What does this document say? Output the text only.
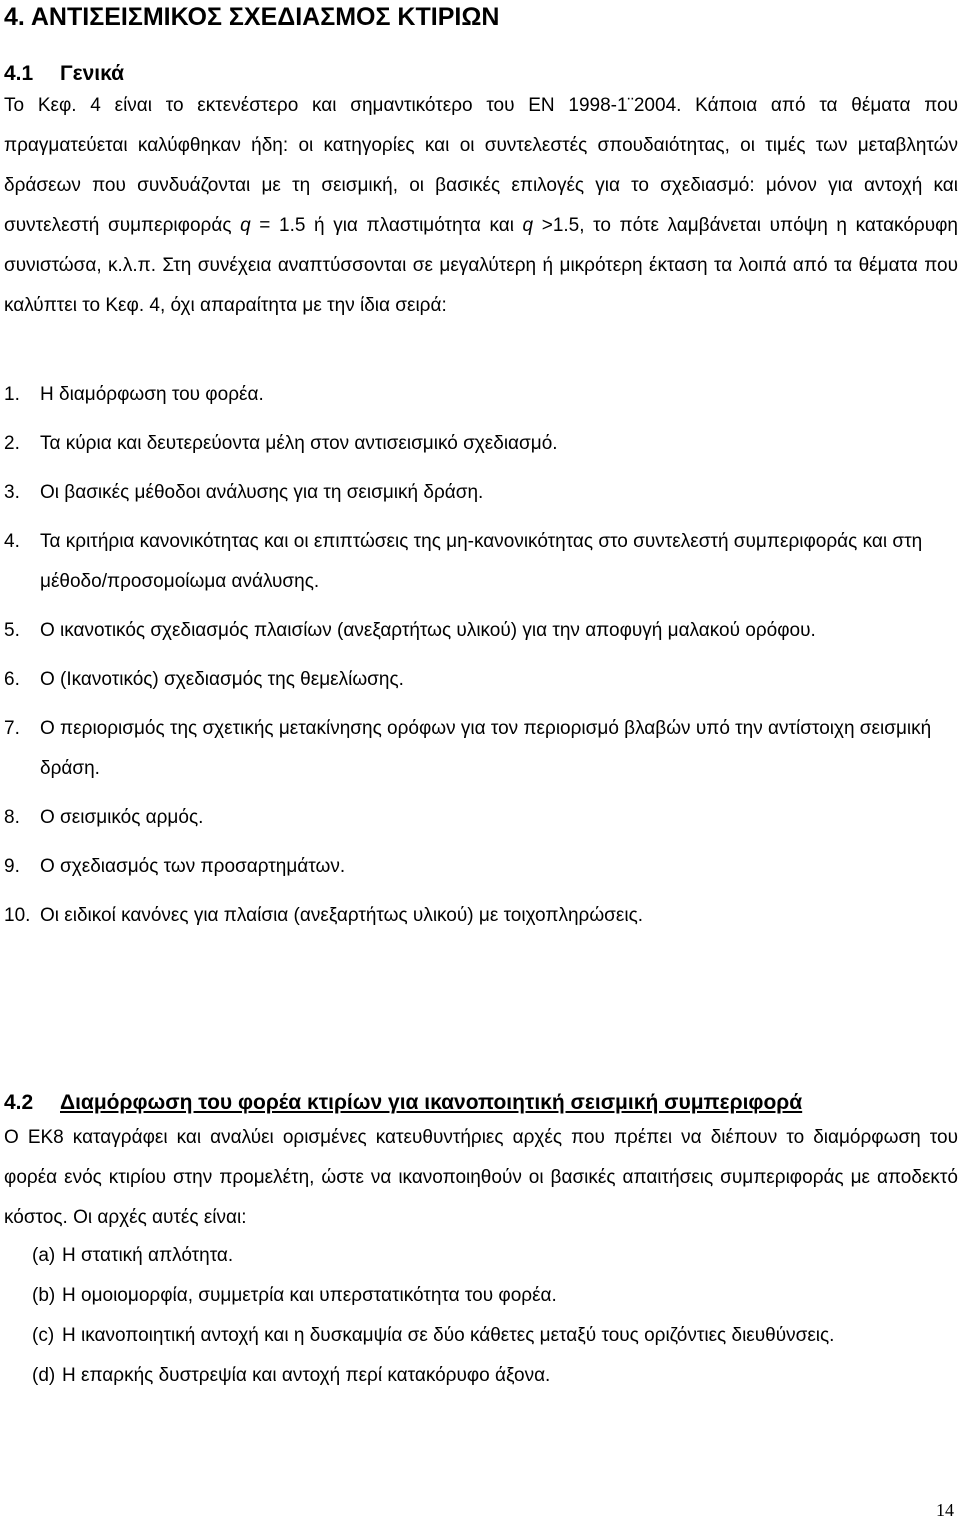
4. ΑΝΤΙΣΕΙΣΜΙΚΟΣ ΣΧΕΔΙΑΣΜΟΣ ΚΤΙΡΙΩΝ
4.1 Γενικά

Το Κεφ. 4 είναι το εκτενέστερο και σημαντικότερο του ΕΝ 1998-1¨2004. Κάποια από τα θέματα που πραγματεύεται καλύφθηκαν ήδη: οι κατηγορίες και οι συντελεστές σπουδαιότητας, οι τιμές των μεταβλητών δράσεων που συνδυάζονται με τη σεισμική, οι βασικές επιλογές για το σχεδιασμό: μόνον για αντοχή και συντελεστή συμπεριφοράς q = 1.5 ή για πλαστιμότητα και q >1.5, το πότε λαμβάνεται υπόψη η κατακόρυφη συνιστώσα, κ.λ.π. Στη συνέχεια αναπτύσσονται σε μεγαλύτερη ή μικρότερη έκταση τα λοιπά από τα θέματα που καλύπτει το Κεφ. 4, όχι απαραίτητα με την ίδια σειρά:

1. Η διαμόρφωση του φορέα.
2. Τα κύρια και δευτερεύοντα μέλη στον αντισεισμικό σχεδιασμό.
3. Οι βασικές μέθοδοι ανάλυσης για τη σεισμική δράση.
4. Τα κριτήρια κανονικότητας και οι επιπτώσεις της μη-κανονικότητας στο συντελεστή συμπεριφοράς και στη μέθοδο/προσομοίωμα ανάλυσης.
5. Ο ικανοτικός σχεδιασμός πλαισίων (ανεξαρτήτως υλικού) για την αποφυγή μαλακού ορόφου.
6. Ο (Ικανοτικός) σχεδιασμός της θεμελίωσης.
7. Ο περιορισμός της σχετικής μετακίνησης ορόφων για τον περιορισμό βλαβών υπό την αντίστοιχη σεισμική δράση.
8. Ο σεισμικός αρμός.
9. Ο σχεδιασμός των προσαρτημάτων.
10. Οι ειδικοί κανόνες για πλαίσια (ανεξαρτήτως υλικού) με τοιχοπληρώσεις.
4.2 Διαμόρφωση του φορέα κτιρίων για ικανοποιητική σεισμική συμπεριφορά

Ο ΕΚ8 καταγράφει και αναλύει ορισμένες κατευθυντήριες αρχές που πρέπει να διέπουν το διαμόρφωση του φορέα ενός κτιρίου στην προμελέτη, ώστε να ικανοποιηθούν οι βασικές απαιτήσεις συμπεριφοράς με αποδεκτό κόστος. Οι αρχές αυτές είναι:

(a) Η στατική απλότητα.
(b) Η ομοιομορφία, συμμετρία και υπερστατικότητα του φορέα.
(c) Η ικανοποιητική αντοχή και η δυσκαμψία σε δύο κάθετες μεταξύ τους οριζόντιες διευθύνσεις.
(d) Η επαρκής δυστρεψία και αντοχή περί κατακόρυφο άξονα.
14
